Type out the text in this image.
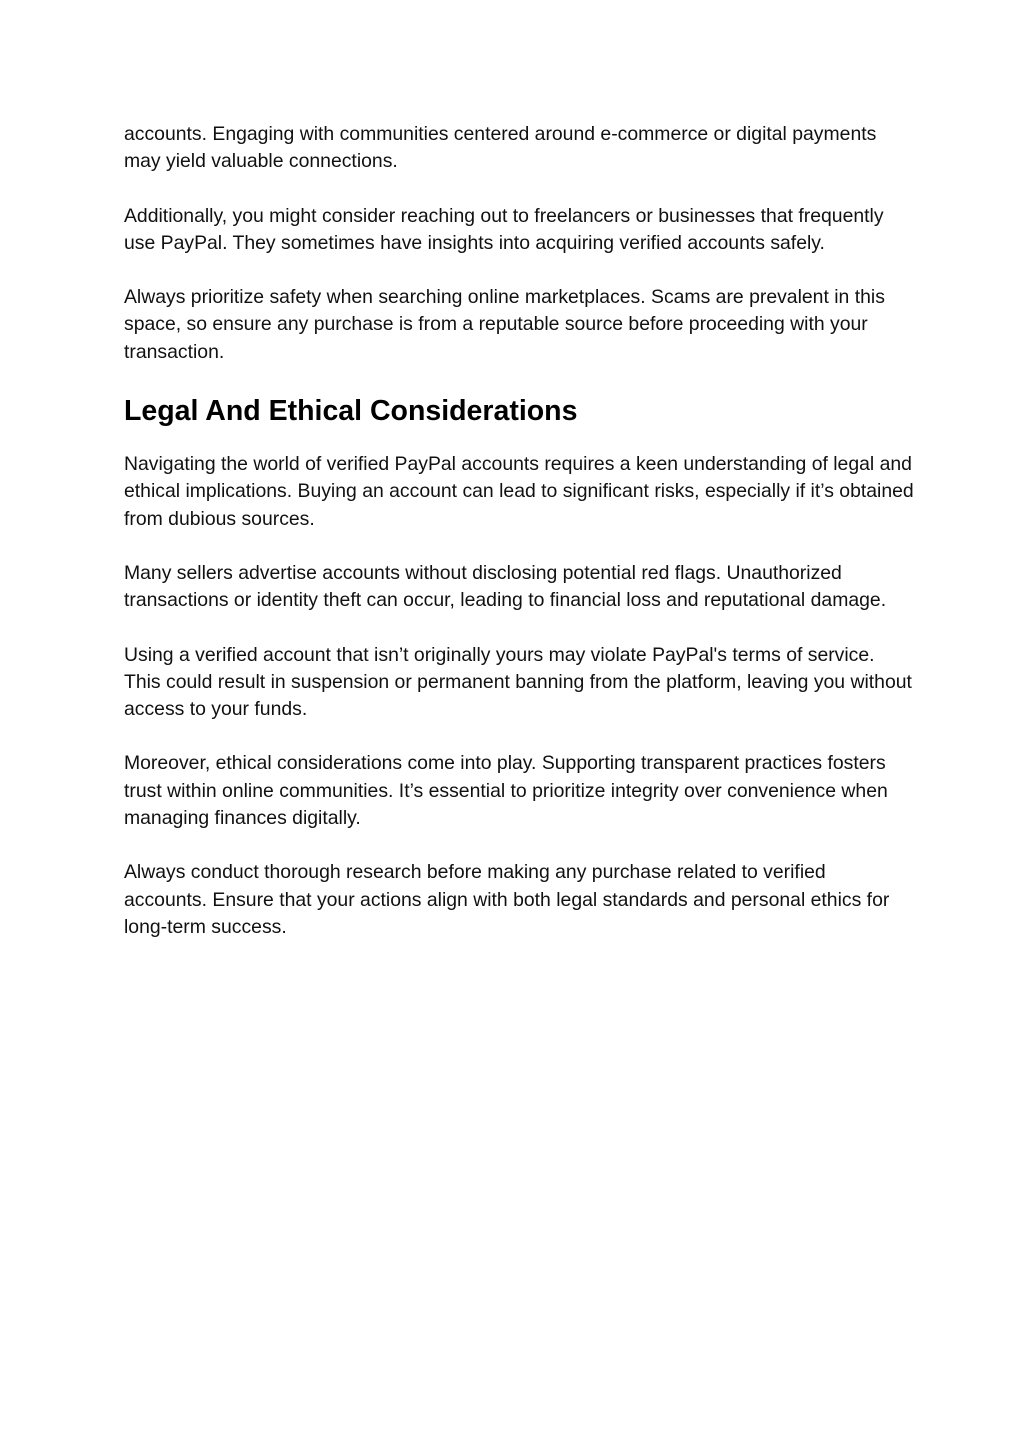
accounts. Engaging with communities centered around e-commerce or digital payments may yield valuable connections.

Additionally, you might consider reaching out to freelancers or businesses that frequently use PayPal. They sometimes have insights into acquiring verified accounts safely.

Always prioritize safety when searching online marketplaces. Scams are prevalent in this space, so ensure any purchase is from a reputable source before proceeding with your transaction.

Legal And Ethical Considerations

Navigating the world of verified PayPal accounts requires a keen understanding of legal and ethical implications. Buying an account can lead to significant risks, especially if it’s obtained from dubious sources.

Many sellers advertise accounts without disclosing potential red flags. Unauthorized transactions or identity theft can occur, leading to financial loss and reputational damage.

Using a verified account that isn’t originally yours may violate PayPal's terms of service. This could result in suspension or permanent banning from the platform, leaving you without access to your funds.

Moreover, ethical considerations come into play. Supporting transparent practices fosters trust within online communities. It’s essential to prioritize integrity over convenience when managing finances digitally.

Always conduct thorough research before making any purchase related to verified accounts. Ensure that your actions align with both legal standards and personal ethics for long-term success.
